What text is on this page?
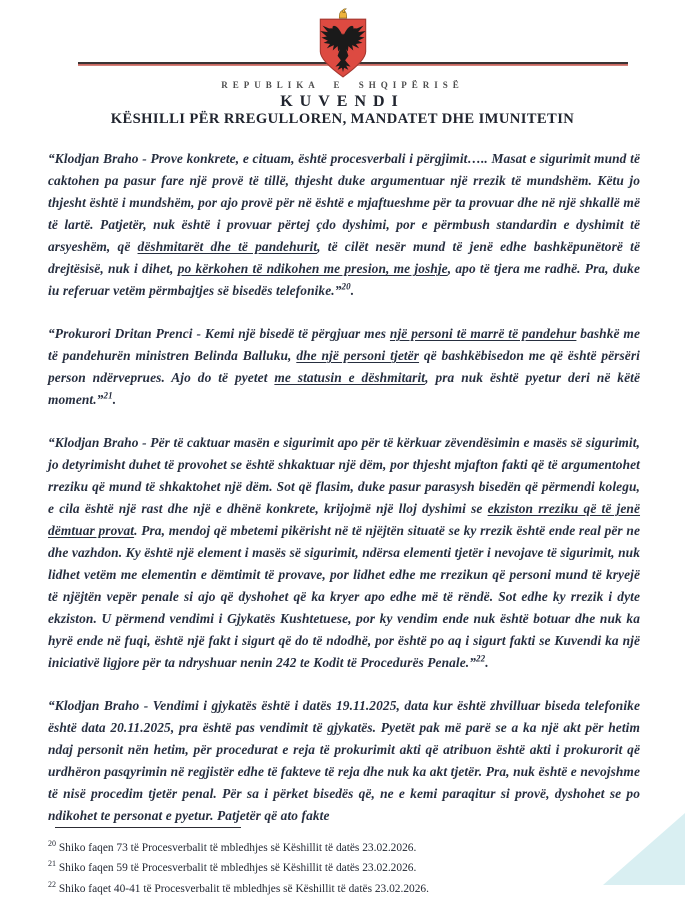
REPUBLIKA E SHQIPËRISË
KUVENDI
KËSHILLI PËR RREGULLOREN, MANDATET DHE IMUNITETIN
“Klodjan Braho - Prove konkrete, e cituam, është procesverbali i përgjimit….. Masat e sigurimit mund të caktohen pa pasur fare një provë të tillë, thjesht duke argumentuar një rrezik të mundshëm. Këtu jo thjesht është i mundshëm, por ajo provë për në është e mjaftueshme për ta provuar dhe në një shkallë më të lartë. Patjetër, nuk është i provuar përtej çdo dyshimi, por e përmbush standardin e dyshimit të arsyeshëm, që dëshmitarët dhe të pandehurit, të cilët nesër mund të jenë edhe bashkëpunëtorë të drejtësisë, nuk i dihet, po kërkohen të ndikohen me presion, me joshje, apo të tjera me radhë. Pra, duke iu referuar vetëm përmbajtjes së bisedës telefonike.”$^{20}$.
“Prokurori Dritan Prenci - Kemi një bisedë të përgjuar mes një personi të marrë të pandehur bashkë me të pandehurën ministren Belinda Balluku, dhe një personi tjetër që bashkëbisedon me që është përsëri person ndërveprues. Ajo do të pyetet me statusin e dëshmitarit, pra nuk është pyetur deri në këtë moment.”$^{21}$.
“Klodjan Braho - Për të caktuar masën e sigurimit apo për të kërkuar zëvendësimin e masës së sigurimit, jo detyrimisht duhet të provohet se është shkaktuar një dëm, por thjesht mjafton fakti që të argumentohet rreziku që mund të shkaktohet një dëm. Sot që flasim, duke pasur parasysh bisedën që përmendi kolegu, e cila është një rast dhe një e dhënë konkrete, krijojmë një lloj dyshimi se ekziston rreziku që të jenë dëmtuar provat. Pra, mendoj që mbetemi pikërisht në të njëjtën situatë se ky rrezik është ende real për ne dhe vazhdon. Ky është një element i masës së sigurimit, ndërsa elementi tjetër i nevojave të sigurimit, nuk lidhet vetëm me elementin e dëmtimit të provave, por lidhet edhe me rrezikun që personi mund të kryejë të njëjtën vepër penale si ajo që dyshohet që ka kryer apo edhe më të rëndë. Sot edhe ky rrezik i dyte ekziston. U përmend vendimi i Gjykatës Kushtetuese, por ky vendim ende nuk është botuar dhe nuk ka hyrë ende në fuqi, është një fakt i sigurt që do të ndodhë, por është po aq i sigurt fakti se Kuvendi ka një iniciativë ligjore për ta ndryshuar nenin 242 te Kodit të Procedurës Penale.”$^{22}$.
“Klodjan Braho - Vendimi i gjykatës është i datës 19.11.2025, data kur është zhvilluar biseda telefonike është data 20.11.2025, pra është pas vendimit të gjykatës. Pyetët pak më parë se a ka një akt për hetim ndaj personit nën hetim, për procedurat e reja të prokurimit akti që atribuon është akti i prokurorit që urdhëron pasqyrimin në regjistër edhe të fakteve të reja dhe nuk ka akt tjetër. Pra, nuk është e nevojshme të nisë procedim tjetër penal. Për sa i përket bisedës që, ne e kemi paraqitur si provë, dyshohet se po ndikohet te personat e pyetur. Patjetër që ato fakte
$^{20}$ Shiko faqen 73 të Procesverbalit të mbledhjes së Këshillit të datës 23.02.2026.
$^{21}$ Shiko faqen 59 të Procesverbalit të mbledhjes së Këshillit të datës 23.02.2026.
$^{22}$ Shiko faqet 40-41 të Procesverbalit të mbledhjes së Këshillit të datës 23.02.2026.
